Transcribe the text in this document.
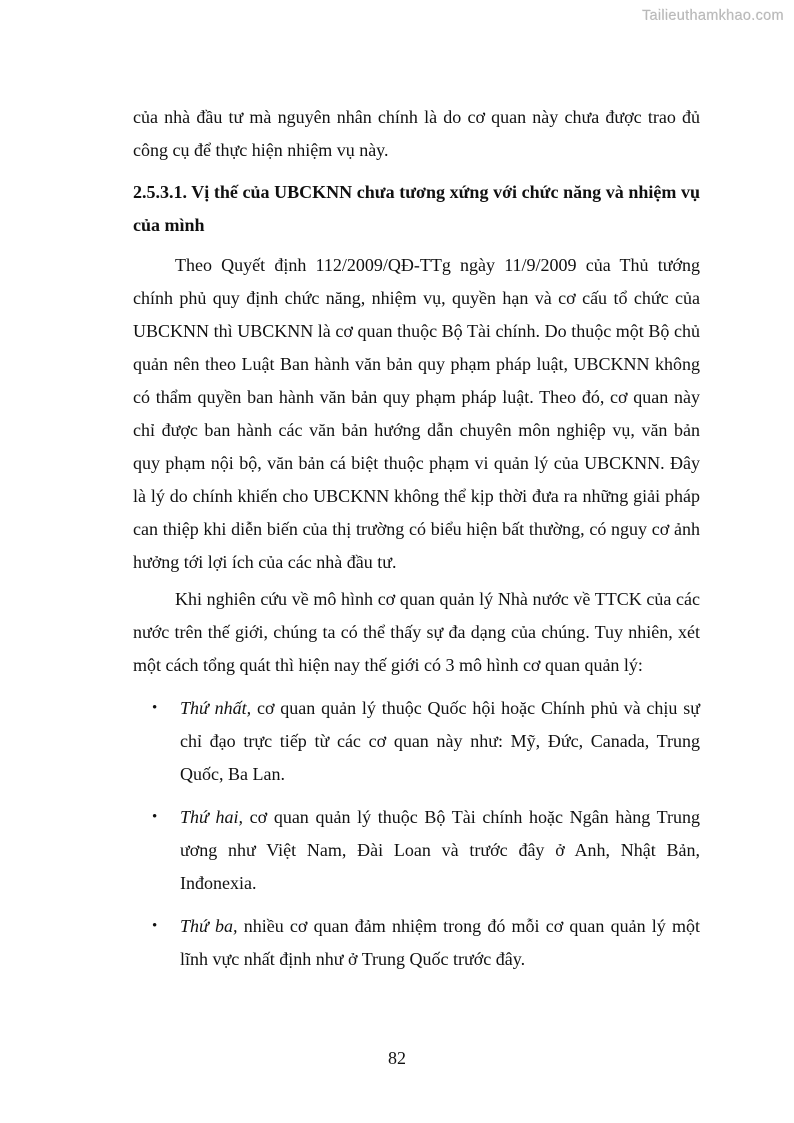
Tailieuthamkhao.com
của nhà đầu tư mà nguyên nhân chính là do cơ quan này chưa được trao đủ công cụ để thực hiện nhiệm vụ này.
2.5.3.1. Vị thế của UBCKNN chưa tương xứng với chức năng và nhiệm vụ của mình
Theo Quyết định 112/2009/QĐ-TTg ngày 11/9/2009 của Thủ tướng chính phủ quy định chức năng, nhiệm vụ, quyền hạn và cơ cấu tổ chức của UBCKNN thì UBCKNN là cơ quan thuộc Bộ Tài chính. Do thuộc một Bộ chủ quản nên theo Luật Ban hành văn bản quy phạm pháp luật, UBCKNN không có thẩm quyền ban hành văn bản quy phạm pháp luật. Theo đó, cơ quan này chỉ được ban hành các văn bản hướng dẫn chuyên môn nghiệp vụ, văn bản quy phạm nội bộ, văn bản cá biệt thuộc phạm vi quản lý của UBCKNN. Đây là lý do chính khiến cho UBCKNN không thể kịp thời đưa ra những giải pháp can thiệp khi diễn biến của thị trường có biểu hiện bất thường, có nguy cơ ảnh hưởng tới lợi ích của các nhà đầu tư.
Khi nghiên cứu về mô hình cơ quan quản lý Nhà nước về TTCK của các nước trên thế giới, chúng ta có thể thấy sự đa dạng của chúng. Tuy nhiên, xét một cách tổng quát thì hiện nay thế giới có 3 mô hình cơ quan quản lý:
• Thứ nhất, cơ quan quản lý thuộc Quốc hội hoặc Chính phủ và chịu sự chỉ đạo trực tiếp từ các cơ quan này như: Mỹ, Đức, Canada, Trung Quốc, Ba Lan.
• Thứ hai, cơ quan quản lý thuộc Bộ Tài chính hoặc Ngân hàng Trung ương như Việt Nam, Đài Loan và trước đây ở Anh, Nhật Bản, Inđonexia.
• Thứ ba, nhiều cơ quan đảm nhiệm trong đó mỗi cơ quan quản lý một lĩnh vực nhất định như ở Trung Quốc trước đây.
82
